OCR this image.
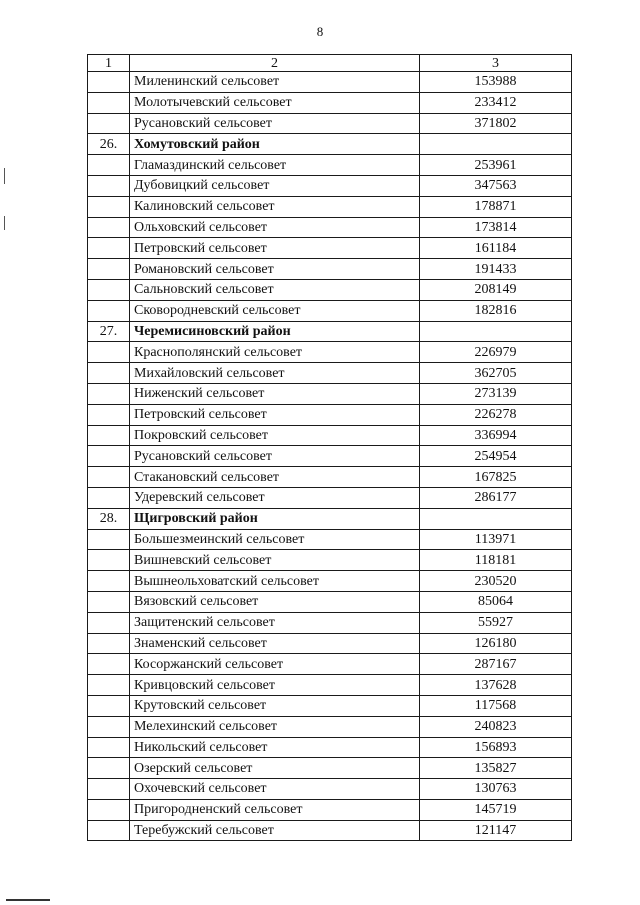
8
1	2	3
	Миленинский сельсовет	153988
	Молотычевский сельсовет	233412
	Русановский сельсовет	371802
26.	Хомутовский район	
	Гламаздинский сельсовет	253961
	Дубовицкий сельсовет	347563
	Калиновский сельсовет	178871
	Ольховский сельсовет	173814
	Петровский сельсовет	161184
	Романовский сельсовет	191433
	Сальновский сельсовет	208149
	Сковородневский сельсовет	182816
27.	Черемисиновский район	
	Краснополянский сельсовет	226979
	Михайловский сельсовет	362705
	Ниженский сельсовет	273139
	Петровский сельсовет	226278
	Покровский сельсовет	336994
	Русановский сельсовет	254954
	Стакановский сельсовет	167825
	Удеревский сельсовет	286177
28.	Щигровский район	
	Большезмеинский сельсовет	113971
	Вишневский сельсовет	118181
	Вышнеольховатский сельсовет	230520
	Вязовский сельсовет	85064
	Защитенский сельсовет	55927
	Знаменский сельсовет	126180
	Косоржанский сельсовет	287167
	Кривцовский сельсовет	137628
	Крутовский сельсовет	117568
	Мелехинский сельсовет	240823
	Никольский сельсовет	156893
	Озерский сельсовет	135827
	Охочевский сельсовет	130763
	Пригородненский сельсовет	145719
	Теребужский сельсовет	121147
